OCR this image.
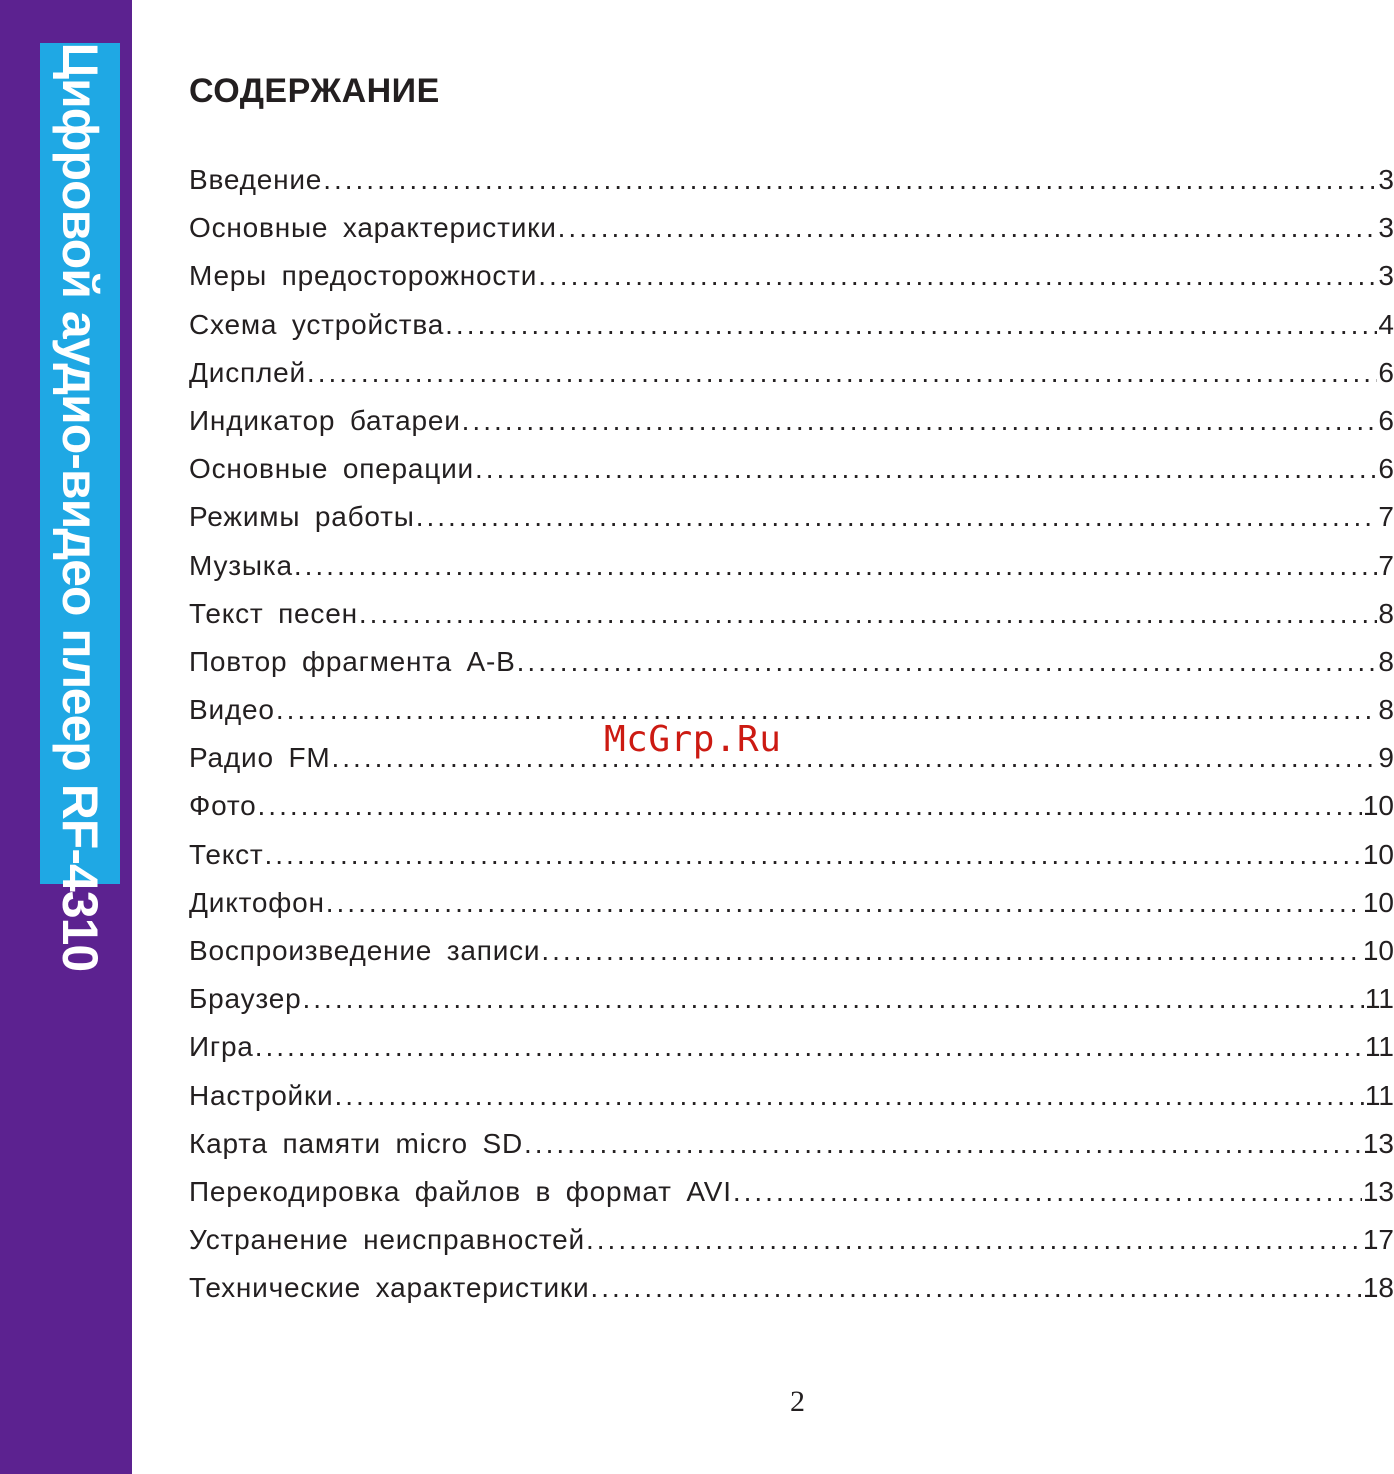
Цифровой аудио-видео плеер RF-4310	СОДЕРЖАНИЕ
Введение .....	3
Основные характеристики .....	3
Меры предосторожности .....	3
Схема устройства .....	4
Дисплей .....	6
Индикатор батареи .....	6
Основные операции .....	6
Режимы работы .....	7
Музыка .....	7
Текст песен .....	8
Повтор фрагмента А-В .....	8
Видео .....	8
Радио FM .....	9
Фото .....	10
Текст .....	10
Диктофон .....	10
Воспроизведение записи .....	10
Браузер .....	11
Игра .....	11
Настройки .....	11
Карта памяти micro SD .....	13
Перекодировка файлов в формат AVI .....	13
Устранение неисправностей .....	17
Технические характеристики .....	18
McGrp.Ru
2
